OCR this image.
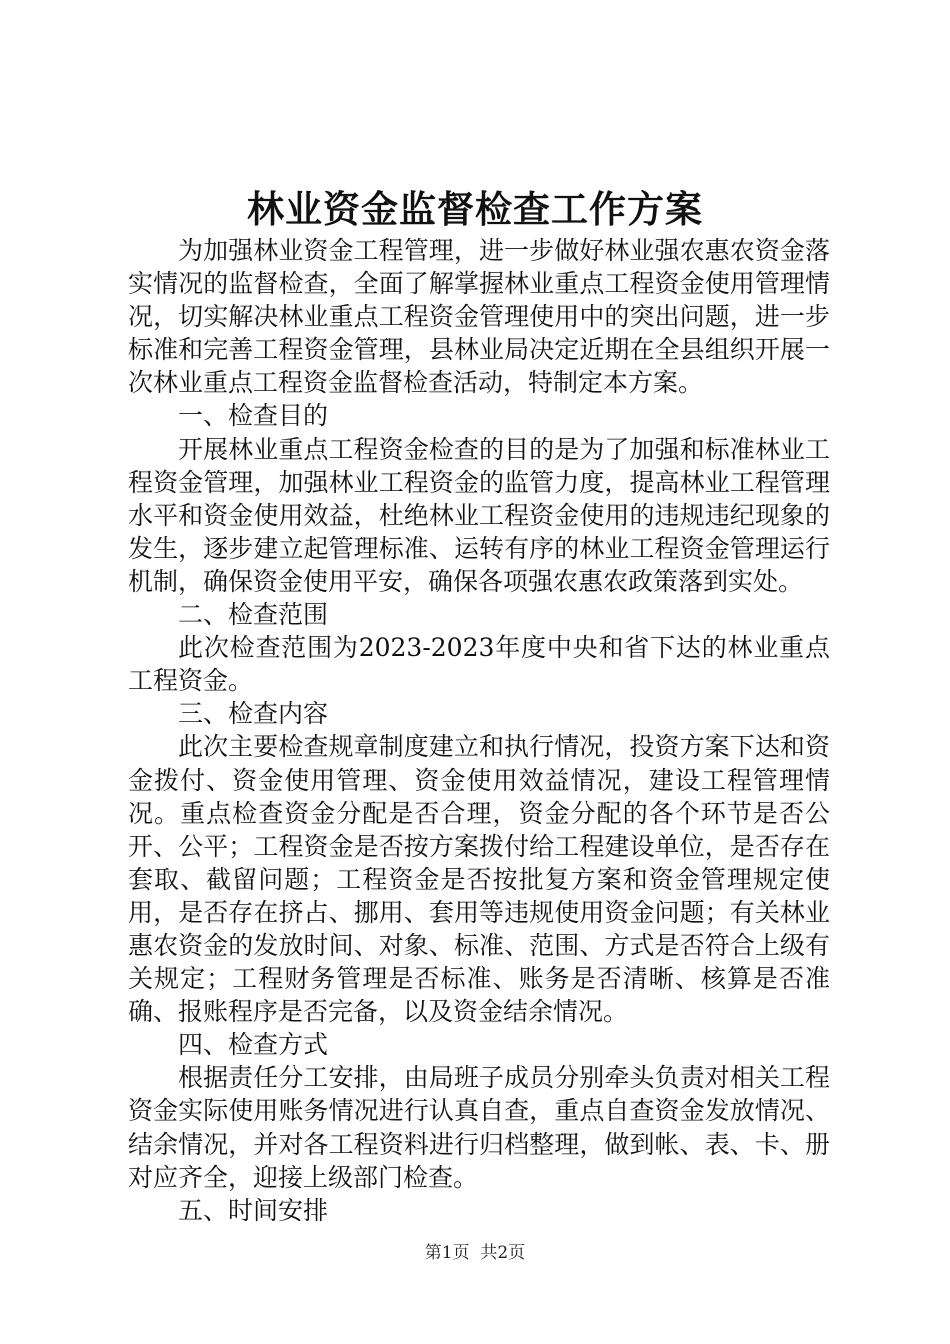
林业资金监督检查工作方案

为加强林业资金工程管理，进一步做好林业强农惠农资金落实情况的监督检查，全面了解掌握林业重点工程资金使用管理情况，切实解决林业重点工程资金管理使用中的突出问题，进一步标准和完善工程资金管理，县林业局决定近期在全县组织开展一次林业重点工程资金监督检查活动，特制定本方案。

一、检查目的

开展林业重点工程资金检查的目的是为了加强和标准林业工程资金管理，加强林业工程资金的监管力度，提高林业工程管理水平和资金使用效益，杜绝林业工程资金使用的违规违纪现象的发生，逐步建立起管理标准、运转有序的林业工程资金管理运行机制，确保资金使用平安，确保各项强农惠农政策落到实处。

二、检查范围

此次检查范围为2023-2023年度中央和省下达的林业重点工程资金。

三、检查内容

此次主要检查规章制度建立和执行情况，投资方案下达和资金拨付、资金使用管理、资金使用效益情况，建设工程管理情况。重点检查资金分配是否合理，资金分配的各个环节是否公开、公平；工程资金是否按方案拨付给工程建设单位，是否存在套取、截留问题；工程资金是否按批复方案和资金管理规定使用，是否存在挤占、挪用、套用等违规使用资金问题；有关林业惠农资金的发放时间、对象、标准、范围、方式是否符合上级有关规定；工程财务管理是否标准、账务是否清晰、核算是否准确、报账程序是否完备，以及资金结余情况。

四、检查方式

根据责任分工安排，由局班子成员分别牵头负责对相关工程资金实际使用账务情况进行认真自查，重点自查资金发放情况、结余情况，并对各工程资料进行归档整理，做到帐、表、卡、册对应齐全，迎接上级部门检查。

五、时间安排

第1页  共2页
